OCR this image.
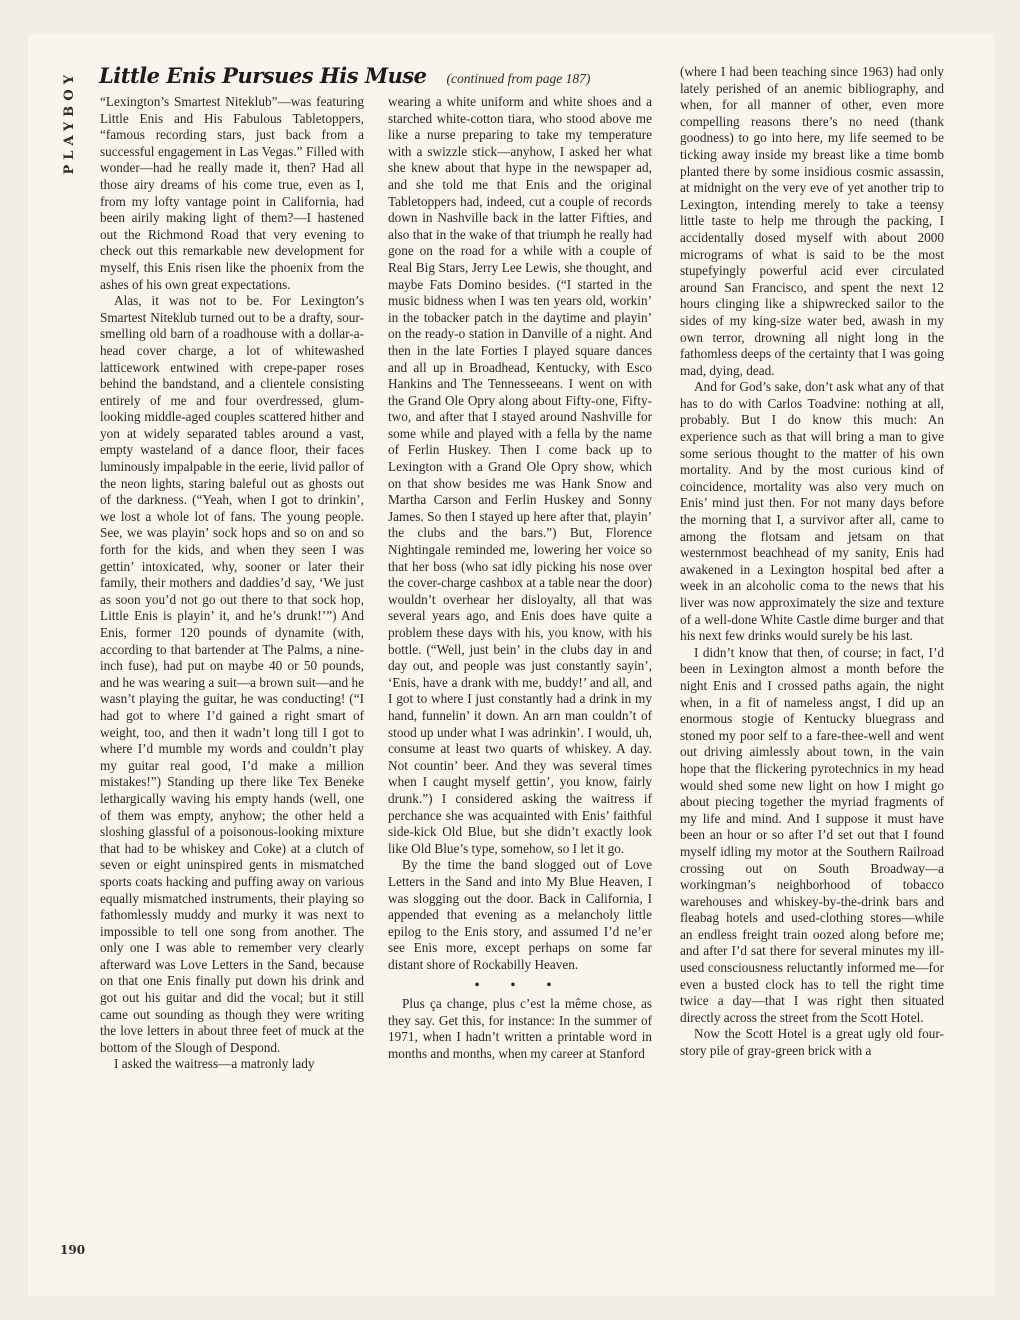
PLAYBOY Little Enis Pursues His Muse (continued from page 187)

“Lexington’s Smartest Niteklub”—was featuring Little Enis and His Fabulous Tabletoppers, “famous recording stars, just back from a successful engagement in Las Vegas.” Filled with wonder—had he really made it, then? Had all those airy dreams of his come true, even as I, from my lofty vantage point in California, had been airily making light of them?—I hastened out the Richmond Road that very evening to check out this remarkable new development for myself, this Enis risen like the phoenix from the ashes of his own great expectations.

Alas, it was not to be. For Lexington’s Smartest Niteklub turned out to be a drafty, sour-smelling old barn of a roadhouse with a dollar-a-head cover charge, a lot of whitewashed latticework entwined with crepe-paper roses behind the bandstand, and a clientele consisting entirely of me and four overdressed, glum-looking middle-aged couples scattered hither and yon at widely separated tables around a vast, empty wasteland of a dance floor, their faces luminously impalpable in the eerie, livid pallor of the neon lights, staring baleful out as ghosts out of the darkness. (“Yeah, when I got to drinkin’, we lost a whole lot of fans. The young people. See, we was playin’ sock hops and so on and so forth for the kids, and when they seen I was gettin’ intoxicated, why, sooner or later their family, their mothers and daddies’d say, ‘We just as soon you’d not go out there to that sock hop, Little Enis is playin’ it, and he’s drunk!’”) And Enis, former 120 pounds of dynamite (with, according to that bartender at The Palms, a nine-inch fuse), had put on maybe 40 or 50 pounds, and he was wearing a suit—a brown suit—and he wasn’t playing the guitar, he was conducting! (“I had got to where I’d gained a right smart of weight, too, and then it wadn’t long till I got to where I’d mumble my words and couldn’t play my guitar real good, I’d make a million mistakes!”) Standing up there like Tex Beneke lethargically waving his empty hands (well, one of them was empty, anyhow; the other held a sloshing glassful of a poisonous-looking mixture that had to be whiskey and Coke) at a clutch of seven or eight uninspired gents in mismatched sports coats hacking and puffing away on various equally mismatched instruments, their playing so fathomlessly muddy and murky it was next to impossible to tell one song from another. The only one I was able to remember very clearly afterward was Love Letters in the Sand, because on that one Enis finally put down his drink and got out his guitar and did the vocal; but it still came out sounding as though they were writing the love letters in about three feet of muck at the bottom of the Slough of Despond.

I asked the waitress—a matronly lady

wearing a white uniform and white shoes and a starched white-cotton tiara, who stood above me like a nurse preparing to take my temperature with a swizzle stick—anyhow, I asked her what she knew about that hype in the newspaper ad, and she told me that Enis and the original Tabletoppers had, indeed, cut a couple of records down in Nashville back in the latter Fifties, and also that in the wake of that triumph he really had gone on the road for a while with a couple of Real Big Stars, Jerry Lee Lewis, she thought, and maybe Fats Domino besides. (“I started in the music bidness when I was ten years old, workin’ in the tobacker patch in the daytime and playin’ on the ready-o station in Danville of a night. And then in the late Forties I played square dances and all up in Broadhead, Kentucky, with Esco Hankins and The Tennesseeans. I went on with the Grand Ole Opry along about Fifty-one, Fifty-two, and after that I stayed around Nashville for some while and played with a fella by the name of Ferlin Huskey. Then I come back up to Lexington with a Grand Ole Opry show, which on that show besides me was Hank Snow and Martha Carson and Ferlin Huskey and Sonny James. So then I stayed up here after that, playin’ the clubs and the bars.”) But, Florence Nightingale reminded me, lowering her voice so that her boss (who sat idly picking his nose over the cover-charge cashbox at a table near the door) wouldn’t overhear her disloyalty, all that was several years ago, and Enis does have quite a problem these days with his, you know, with his bottle. (“Well, just bein’ in the clubs day in and day out, and people was just constantly sayin’, ‘Enis, have a drank with me, buddy!’ and all, and I got to where I just constantly had a drink in my hand, funnelin’ it down. An arn man couldn’t of stood up under what I was adrinkin’. I would, uh, consume at least two quarts of whiskey. A day. Not countin’ beer. And they was several times when I caught myself gettin’, you know, fairly drunk.”) I considered asking the waitress if perchance she was acquainted with Enis’ faithful side-kick Old Blue, but she didn’t exactly look like Old Blue’s type, somehow, so I let it go.

By the time the band slogged out of Love Letters in the Sand and into My Blue Heaven, I was slogging out the door. Back in California, I appended that evening as a melancholy little epilog to the Enis story, and assumed I’d ne’er see Enis more, except perhaps on some far distant shore of Rockabilly Heaven.

• • •

Plus ça change, plus c’est la même chose, as they say. Get this, for instance: In the summer of 1971, when I hadn’t written a printable word in months and months, when my career at Stanford

(where I had been teaching since 1963) had only lately perished of an anemic bibliography, and when, for all manner of other, even more compelling reasons there’s no need (thank goodness) to go into here, my life seemed to be ticking away inside my breast like a time bomb planted there by some insidious cosmic assassin, at midnight on the very eve of yet another trip to Lexington, intending merely to take a teensy little taste to help me through the packing, I accidentally dosed myself with about 2000 micrograms of what is said to be the most stupefyingly powerful acid ever circulated around San Francisco, and spent the next 12 hours clinging like a shipwrecked sailor to the sides of my king-size water bed, awash in my own terror, drowning all night long in the fathomless deeps of the certainty that I was going mad, dying, dead.

And for God’s sake, don’t ask what any of that has to do with Carlos Toadvine: nothing at all, probably. But I do know this much: An experience such as that will bring a man to give some serious thought to the matter of his own mortality. And by the most curious kind of coincidence, mortality was also very much on Enis’ mind just then. For not many days before the morning that I, a survivor after all, came to among the flotsam and jetsam on that westernmost beachhead of my sanity, Enis had awakened in a Lexington hospital bed after a week in an alcoholic coma to the news that his liver was now approximately the size and texture of a well-done White Castle dime burger and that his next few drinks would surely be his last.

I didn’t know that then, of course; in fact, I’d been in Lexington almost a month before the night Enis and I crossed paths again, the night when, in a fit of nameless angst, I did up an enormous stogie of Kentucky bluegrass and stoned my poor self to a fare-thee-well and went out driving aimlessly about town, in the vain hope that the flickering pyrotechnics in my head would shed some new light on how I might go about piecing together the myriad fragments of my life and mind. And I suppose it must have been an hour or so after I’d set out that I found myself idling my motor at the Southern Railroad crossing out on South Broadway—a workingman’s neighborhood of tobacco warehouses and whiskey-by-the-drink bars and fleabag hotels and used-clothing stores—while an endless freight train oozed along before me; and after I’d sat there for several minutes my ill-used consciousness reluctantly informed me—for even a busted clock has to tell the right time twice a day—that I was right then situated directly across the street from the Scott Hotel.

Now the Scott Hotel is a great ugly old four-story pile of gray-green brick with a

190
